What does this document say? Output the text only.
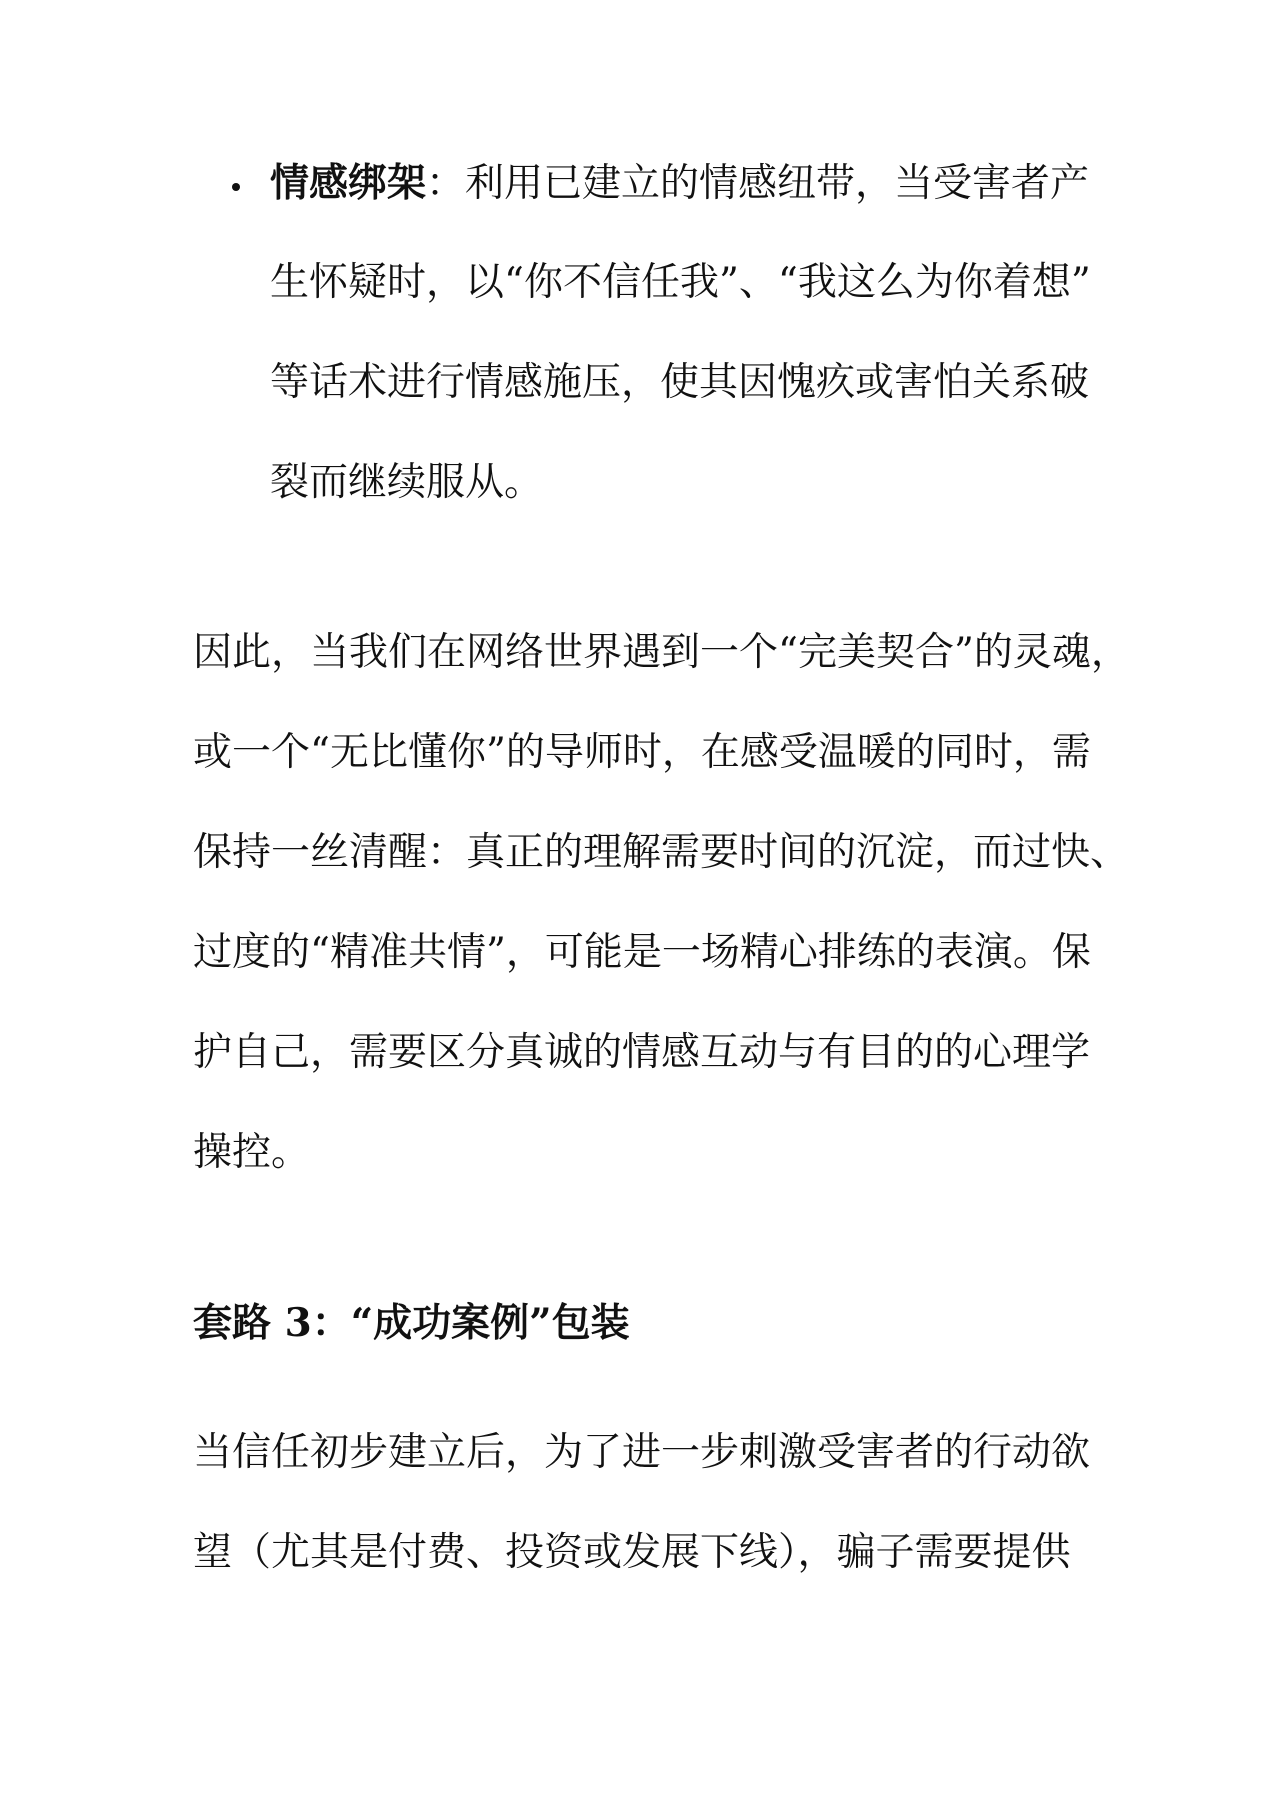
情感绑架：利用已建立的情感纽带，当受害者产
生怀疑时，以“你不信任我”、“我这么为你着想”
等话术进行情感施压，使其因愧疚或害怕关系破
裂而继续服从。
因此，当我们在网络世界遇到一个“完美契合”的灵魂，
或一个“无比懂你”的导师时，在感受温暖的同时，需
保持一丝清醒：真正的理解需要时间的沉淀，而过快、
过度的“精准共情”，可能是一场精心排练的表演。保
护自己，需要区分真诚的情感互动与有目的的心理学
操控。
套路 3：“成功案例”包装
当信任初步建立后，为了进一步刺激受害者的行动欲
望（尤其是付费、投资或发展下线），骗子需要提供
